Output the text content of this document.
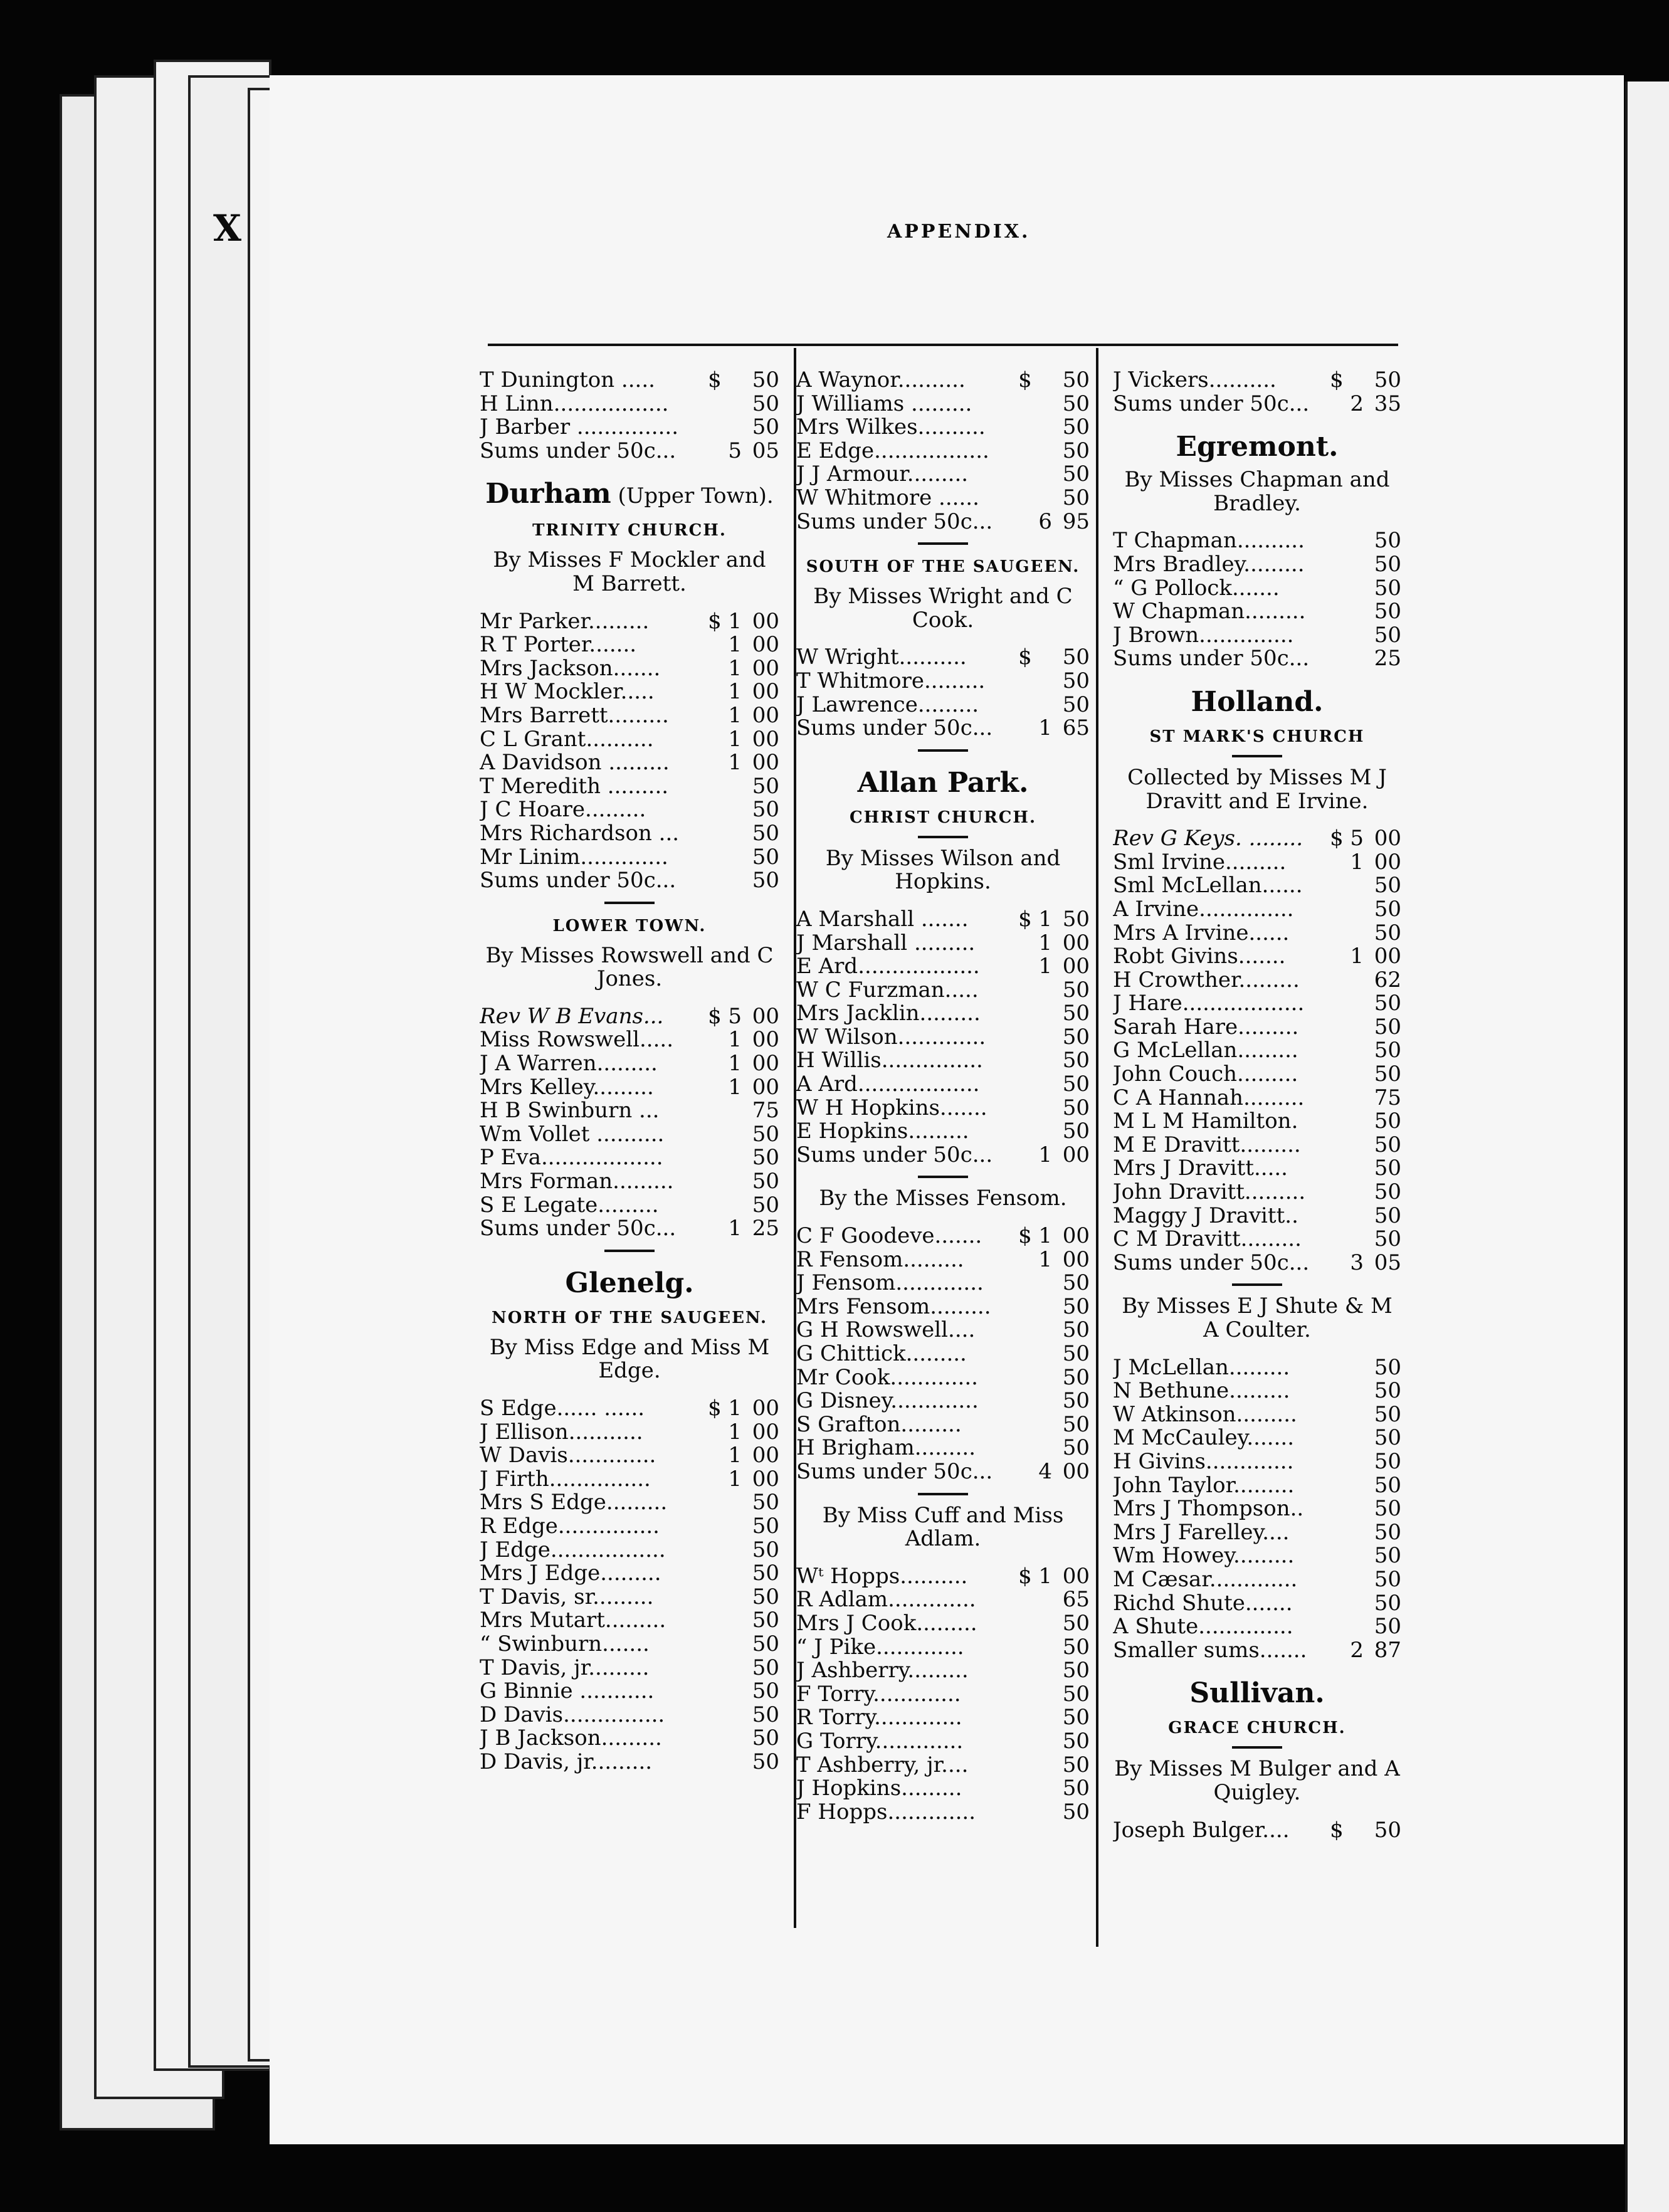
X	APPENDIX.
T Dunington .....	$	50
H Linn.................	50
J Barber ...............	50
Sums under 50c...	5 05
Durham (Upper Town).
TRINITY CHURCH.
By Misses F Mockler and M Barrett.
Mr Parker.........	$ 1 00
R T Porter.......	1 00
Mrs Jackson.......	1 00
H W Mockler.....	1 00
Mrs Barrett.........	1 00
C L Grant..........	1 00
A Davidson .........	1 00
T Meredith .........	50
J C Hoare.........	50
Mrs Richardson ...	50
Mr Linim.............	50
Sums under 50c...	50
LOWER TOWN.
By Misses Rowswell and C Jones.
Rev W B Evans...	$ 5 00
Miss Rowswell.....	1 00
J A Warren.........	1 00
Mrs Kelley.........	1 00
H B Swinburn ...	75
Wm Vollet ..........	50
P Eva..................	50
Mrs Forman.........	50
S E Legate.........	50
Sums under 50c...	1 25
Glenelg.
NORTH OF THE SAUGEEN.
By Miss Edge and Miss M Edge.
S Edge...... ......	$ 1 00
J Ellison...........	1 00
W Davis.............	1 00
J Firth...............	1 00
Mrs S Edge.........	50
R Edge...............	50
J Edge.................	50
Mrs J Edge.........	50
T Davis, sr.........	50
Mrs Mutart.........	50
“ Swinburn.......	50
T Davis, jr.........	50
G Binnie ...........	50
D Davis...............	50
J B Jackson.........	50
D Davis, jr.........	50
A Waynor..........	$	50
J Williams .........	50
Mrs Wilkes..........	50
E Edge.................	50
J J Armour.........	50
W Whitmore ......	50
Sums under 50c...	6 95
SOUTH OF THE SAUGEEN.
By Misses Wright and C Cook.
W Wright..........	$	50
T Whitmore.........	50
J Lawrence.........	50
Sums under 50c...	1 65
Allan Park.
CHRIST CHURCH.
By Misses Wilson and Hopkins.
A Marshall .......	$ 1 50
J Marshall .........	1 00
E Ard..................	1 00
W C Furzman.....	50
Mrs Jacklin.........	50
W Wilson.............	50
H Willis...............	50
A Ard..................	50
W H Hopkins.......	50
E Hopkins.........	50
Sums under 50c...	1 00
By the Misses Fensom.
C F Goodeve.......	$ 1 00
R Fensom.........	1 00
J Fensom.............	50
Mrs Fensom.........	50
G H Rowswell....	50
G Chittick.........	50
Mr Cook.............	50
G Disney.............	50
S Grafton.........	50
H Brigham.........	50
Sums under 50c...	4 00
By Miss Cuff and Miss Adlam.
Wᵗ Hopps..........	$ 1 00
R Adlam.............	65
Mrs J Cook.........	50
“ J Pike.............	50
J Ashberry.........	50
F Torry.............	50
R Torry.............	50
G Torry.............	50
T Ashberry, jr....	50
J Hopkins.........	50
F Hopps.............	50
J Vickers..........	$	50
Sums under 50c...	2 35
Egremont.
By Misses Chapman and Bradley.
T Chapman..........	50
Mrs Bradley.........	50
“ G Pollock.......	50
W Chapman.........	50
J Brown..............	50
Sums under 50c...	25
Holland.
ST MARK'S CHURCH
Collected by Misses M J Dravitt and E Irvine.
Rev G Keys. ........	$ 5 00
Sml Irvine.........	1 00
Sml McLellan......	50
A Irvine..............	50
Mrs A Irvine......	50
Robt Givins.......	1 00
H Crowther.........	62
J Hare..................	50
Sarah Hare.........	50
G McLellan.........	50
John Couch.........	50
C A Hannah.........	75
M L M Hamilton.	50
M E Dravitt.........	50
Mrs J Dravitt.....	50
John Dravitt.........	50
Maggy J Dravitt..	50
C M Dravitt.........	50
Sums under 50c...	3 05
By Misses E J Shute & M A Coulter.
J McLellan.........	50
N Bethune.........	50
W Atkinson.........	50
M McCauley.......	50
H Givins.............	50
John Taylor.........	50
Mrs J Thompson..	50
Mrs J Farelley....	50
Wm Howey.........	50
M Cæsar.............	50
Richd Shute.......	50
A Shute..............	50
Smaller sums.......	2 87
Sullivan.
GRACE CHURCH.
By Misses M Bulger and A Quigley.
Joseph Bulger....	$	50
